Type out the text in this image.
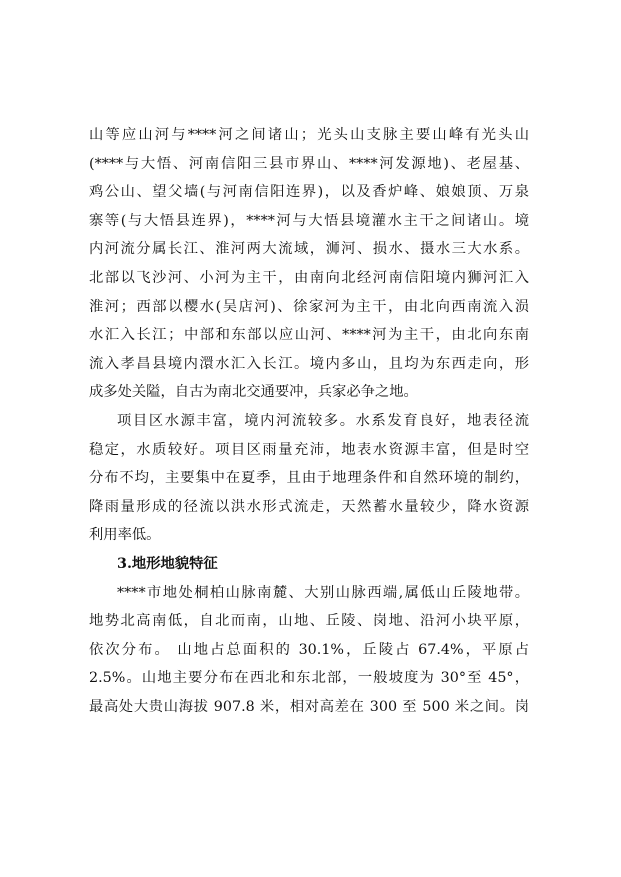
山等应山河与****河之间诸山；光头山支脉主要山峰有光头山
(****与大悟、河南信阳三县市界山、****河发源地)、老屋基、
鸡公山、望父墙(与河南信阳连界)，以及香炉峰、娘娘顶、万泉
寨等(与大悟县连界)，****河与大悟县境灌水主干之间诸山。境
内河流分属长江、淮河两大流域，浉河、损水、摄水三大水系。
北部以飞沙河、小河为主干，由南向北经河南信阳境内狮河汇入
淮河；西部以樱水(吴店河)、徐家河为主干，由北向西南流入涢
水汇入长江；中部和东部以应山河、****河为主干，由北向东南
流入孝昌县境内澴水汇入长江。境内多山，且均为东西走向，形
成多处关隘，自古为南北交通要冲，兵家必争之地。
项目区水源丰富，境内河流较多。水系发育良好，地表径流
稳定，水质较好。项目区雨量充沛，地表水资源丰富，但是时空
分布不均，主要集中在夏季，且由于地理条件和自然环境的制约，
降雨量形成的径流以洪水形式流走，天然蓄水量较少，降水资源
利用率低。
3.地形地貌特征
****市地处桐柏山脉南麓、大别山脉西端,属低山丘陵地带。
地势北高南低，自北而南，山地、丘陵、岗地、沿河小块平原，
依次分布。 山地占总面积的 30.1%，丘陵占 67.4%，平原占
2.5%。山地主要分布在西北和东北部，一般坡度为 30°至 45°，
最高处大贵山海拔 907.8 米，相对高差在 300 至 500 米之间。岗
